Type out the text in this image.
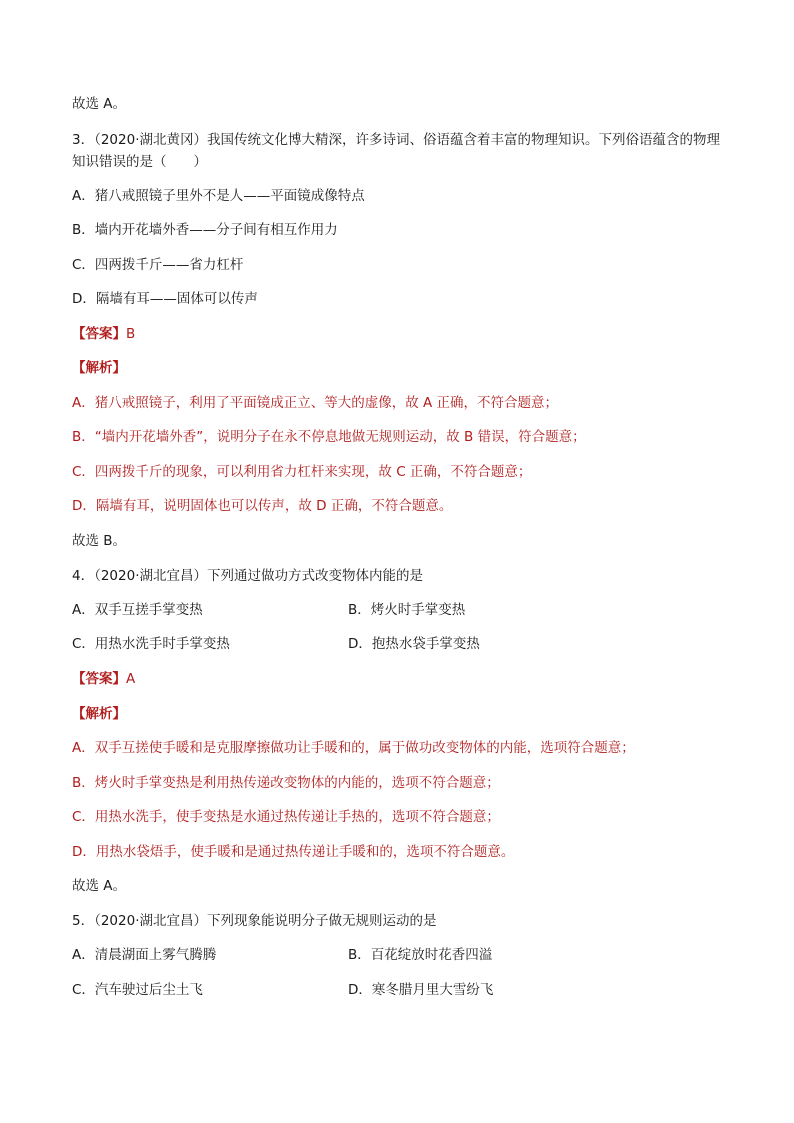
故选 A。
3．（2020·湖北黄冈）我国传统文化博大精深，许多诗词、俗语蕴含着丰富的物理知识。下列俗语蕴含的物理
知识错误的是（　　）
A．猪八戒照镜子里外不是人——平面镜成像特点
B．墙内开花墙外香——分子间有相互作用力
C．四两拨千斤——省力杠杆
D．隔墙有耳——固体可以传声
【答案】B
【解析】
A．猪八戒照镜子，利用了平面镜成正立、等大的虚像，故 A 正确，不符合题意；
B．“墙内开花墙外香”，说明分子在永不停息地做无规则运动，故 B 错误，符合题意；
C．四两拨千斤的现象，可以利用省力杠杆来实现，故 C 正确，不符合题意；
D．隔墙有耳，说明固体也可以传声，故 D 正确，不符合题意。
故选 B。
4．（2020·湖北宜昌）下列通过做功方式改变物体内能的是
A．双手互搓手掌变热	B．烤火时手掌变热
C．用热水洗手时手掌变热	D．抱热水袋手掌变热
【答案】A
【解析】
A．双手互搓使手暖和是克服摩擦做功让手暖和的，属于做功改变物体的内能，选项符合题意；
B．烤火时手掌变热是利用热传递改变物体的内能的，选项不符合题意；
C．用热水洗手，使手变热是水通过热传递让手热的，选项不符合题意；
D．用热水袋焐手，使手暖和是通过热传递让手暖和的，选项不符合题意。
故选 A。
5．（2020·湖北宜昌）下列现象能说明分子做无规则运动的是
A．清晨湖面上雾气腾腾	B．百花绽放时花香四溢
C．汽车驶过后尘土飞	D．寒冬腊月里大雪纷飞
